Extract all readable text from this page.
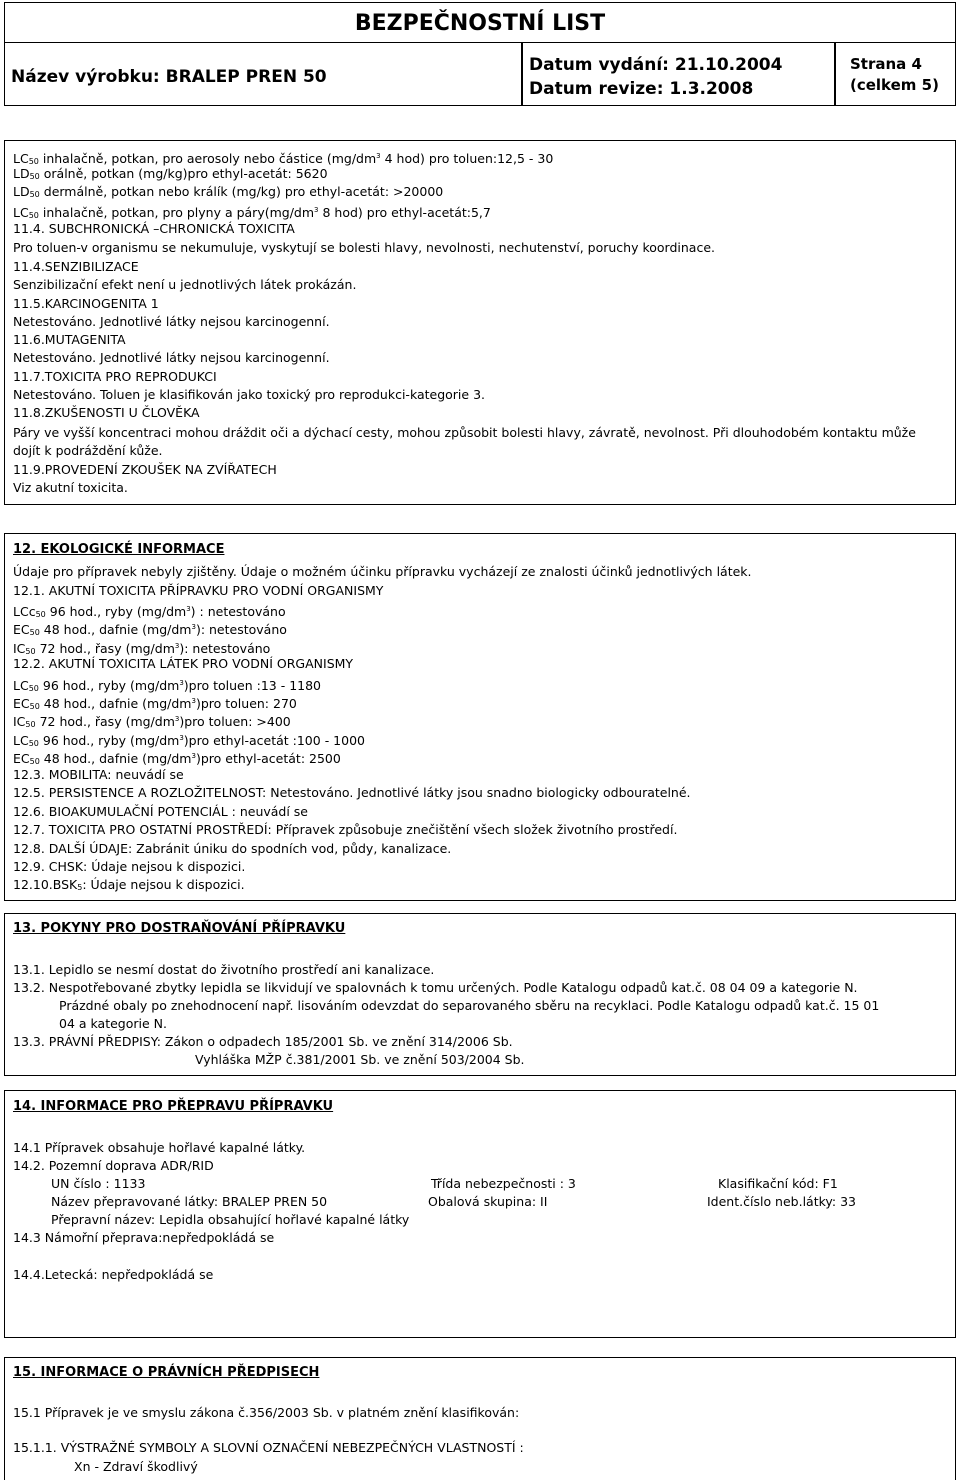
BEZPEČNOSTNÍ LIST
Název výrobku: BRALEP PREN 50
Datum vydání: 21.10.2004
Datum revize: 1.3.2008
Strana 4
(celkem 5)
$LC_{50}$ inhalačně, potkan, pro aerosoly nebo částice ($mg/dm^3$ 4 hod) pro toluen:12,5 - 30
$LD_{50}$ orálně, potkan (mg/kg)pro ethyl-acetát: 5620
$LD_{50}$ dermálně, potkan nebo králík (mg/kg) pro ethyl-acetát: >20000
$LC_{50}$ inhalačně, potkan, pro plyny a $páry(mg/dm^3$ 8 hod) pro ethyl-acetát:5,7
11.4. SUBCHRONICKÁ –CHRONICKÁ TOXICITA
Pro toluen-v organismu se nekumuluje, vyskytují se bolesti hlavy, nevolnosti, nechutenství, poruchy koordinace.
11.4.SENZIBILIZACE
Senzibilizační efekt není u jednotlivých látek prokázán.
11.5.KARCINOGENITA 1
Netestováno. Jednotlivé látky nejsou karcinogenní.
11.6.MUTAGENITA
Netestováno. Jednotlivé látky nejsou karcinogenní.
11.7.TOXICITA PRO REPRODUKCI
Netestováno. Toluen je klasifikován jako toxický pro reprodukci-kategorie 3.
11.8.ZKUŠENOSTI U ČLOVĚKA
Páry ve vyšší koncentraci mohou dráždit oči a dýchací cesty, mohou způsobit bolesti hlavy, závratě, nevolnost. Při dlouhodobém kontaktu může dojít k podráždění kůže.
11.9.PROVEDENÍ ZKOUŠEK NA ZVÍŘATECH
Viz akutní toxicita.
12. EKOLOGICKÉ INFORMACE
Údaje pro přípravek nebyly zjištěny. Údaje o možném účinku přípravku vycházejí ze znalosti účinků jednotlivých látek.
12.1. AKUTNÍ TOXICITA PŘÍPRAVKU PRO VODNÍ ORGANISMY
LCc$_{50}$ 96 hod., ryby $(mg/dm^3)$ : netestováno
$EC_{50}$ 48 hod., dafnie $(mg/dm^3)$: netestováno
$IC_{50}$ 72 hod., řasy $(mg/dm^3)$: netestováno
12.2. AKUTNÍ TOXICITA LÁTEK PRO VODNÍ ORGANISMY
$LC_{50}$ 96 hod., ryby $(mg/dm^3)pro$ toluen :13 - 1180
$EC_{50}$ 48 hod., dafnie $(mg/dm^3)pro$ toluen: 270
$IC_{50}$ 72 hod., řasy $(mg/dm^3)pro$ toluen: >400
$LC_{50}$ 96 hod., ryby $(mg/dm^3)pro$ ethyl-acetát :100 - 1000
$EC_{50}$ 48 hod., dafnie $(mg/dm^3)pro$ ethyl-acetát: 2500
12.3. MOBILITA: neuvádí se
12.5. PERSISTENCE A ROZLOŽITELNOST: Netestováno. Jednotlivé látky jsou snadno biologicky odbouratelné.
12.6. BIOAKUMULAČNÍ POTENCIÁL : neuvádí se
12.7. TOXICITA PRO OSTATNÍ PROSTŘEDÍ: Přípravek způsobuje znečištění všech složek životního prostředí.
12.8. DALŠÍ ÚDAJE: Zabránit úniku do spodních vod, půdy, kanalizace.
12.9. CHSK: Údaje nejsou k dispozici.
$12.10.BSK_5$: Údaje nejsou k dispozici.
13. POKYNY PRO DOSTRAŇOVÁNÍ PŘÍPRAVKU
13.1. Lepidlo se nesmí dostat do životního prostředí ani kanalizace.
13.2. Nespotřebované zbytky lepidla se likvidují ve spalovnách k tomu určených. Podle Katalogu odpadů kat.č. 08 04 09 a kategorie N.
Prázdné obaly po znehodnocení např. lisováním odevzdat do separovaného sběru na recyklaci. Podle Katalogu odpadů kat.č. 15 01
04 a kategorie N.
13.3. PRÁVNÍ PŘEDPISY: Zákon o odpadech 185/2001 Sb. ve znění 314/2006 Sb.
Vyhláška MŽP č.381/2001 Sb. ve znění 503/2004 Sb.
14. INFORMACE PRO PŘEPRAVU PŘÍPRAVKU
14.1 Přípravek obsahuje hořlavé kapalné látky.
14.2. Pozemní doprava ADR/RID
UN číslo : 1133	Třída nebezpečnosti : 3	Klasifikační kód: F1
Název přepravované látky: BRALEP PREN 50	Obalová skupina: II	Ident.číslo neb.látky: 33
Přepravní název: Lepidla obsahující hořlavé kapalné látky
14.3 Námořní přeprava:nepředpokládá se
14.4.Letecká: nepředpokládá se
15. INFORMACE O PRÁVNÍCH PŘEDPISECH
15.1 Přípravek je ve smyslu zákona č.356/2003 Sb. v platném znění klasifikován:
15.1.1. VÝSTRAŽNÉ SYMBOLY A SLOVNÍ OZNAČENÍ NEBEZPEČNÝCH VLASTNOSTÍ :
Xn - Zdraví škodlivý
